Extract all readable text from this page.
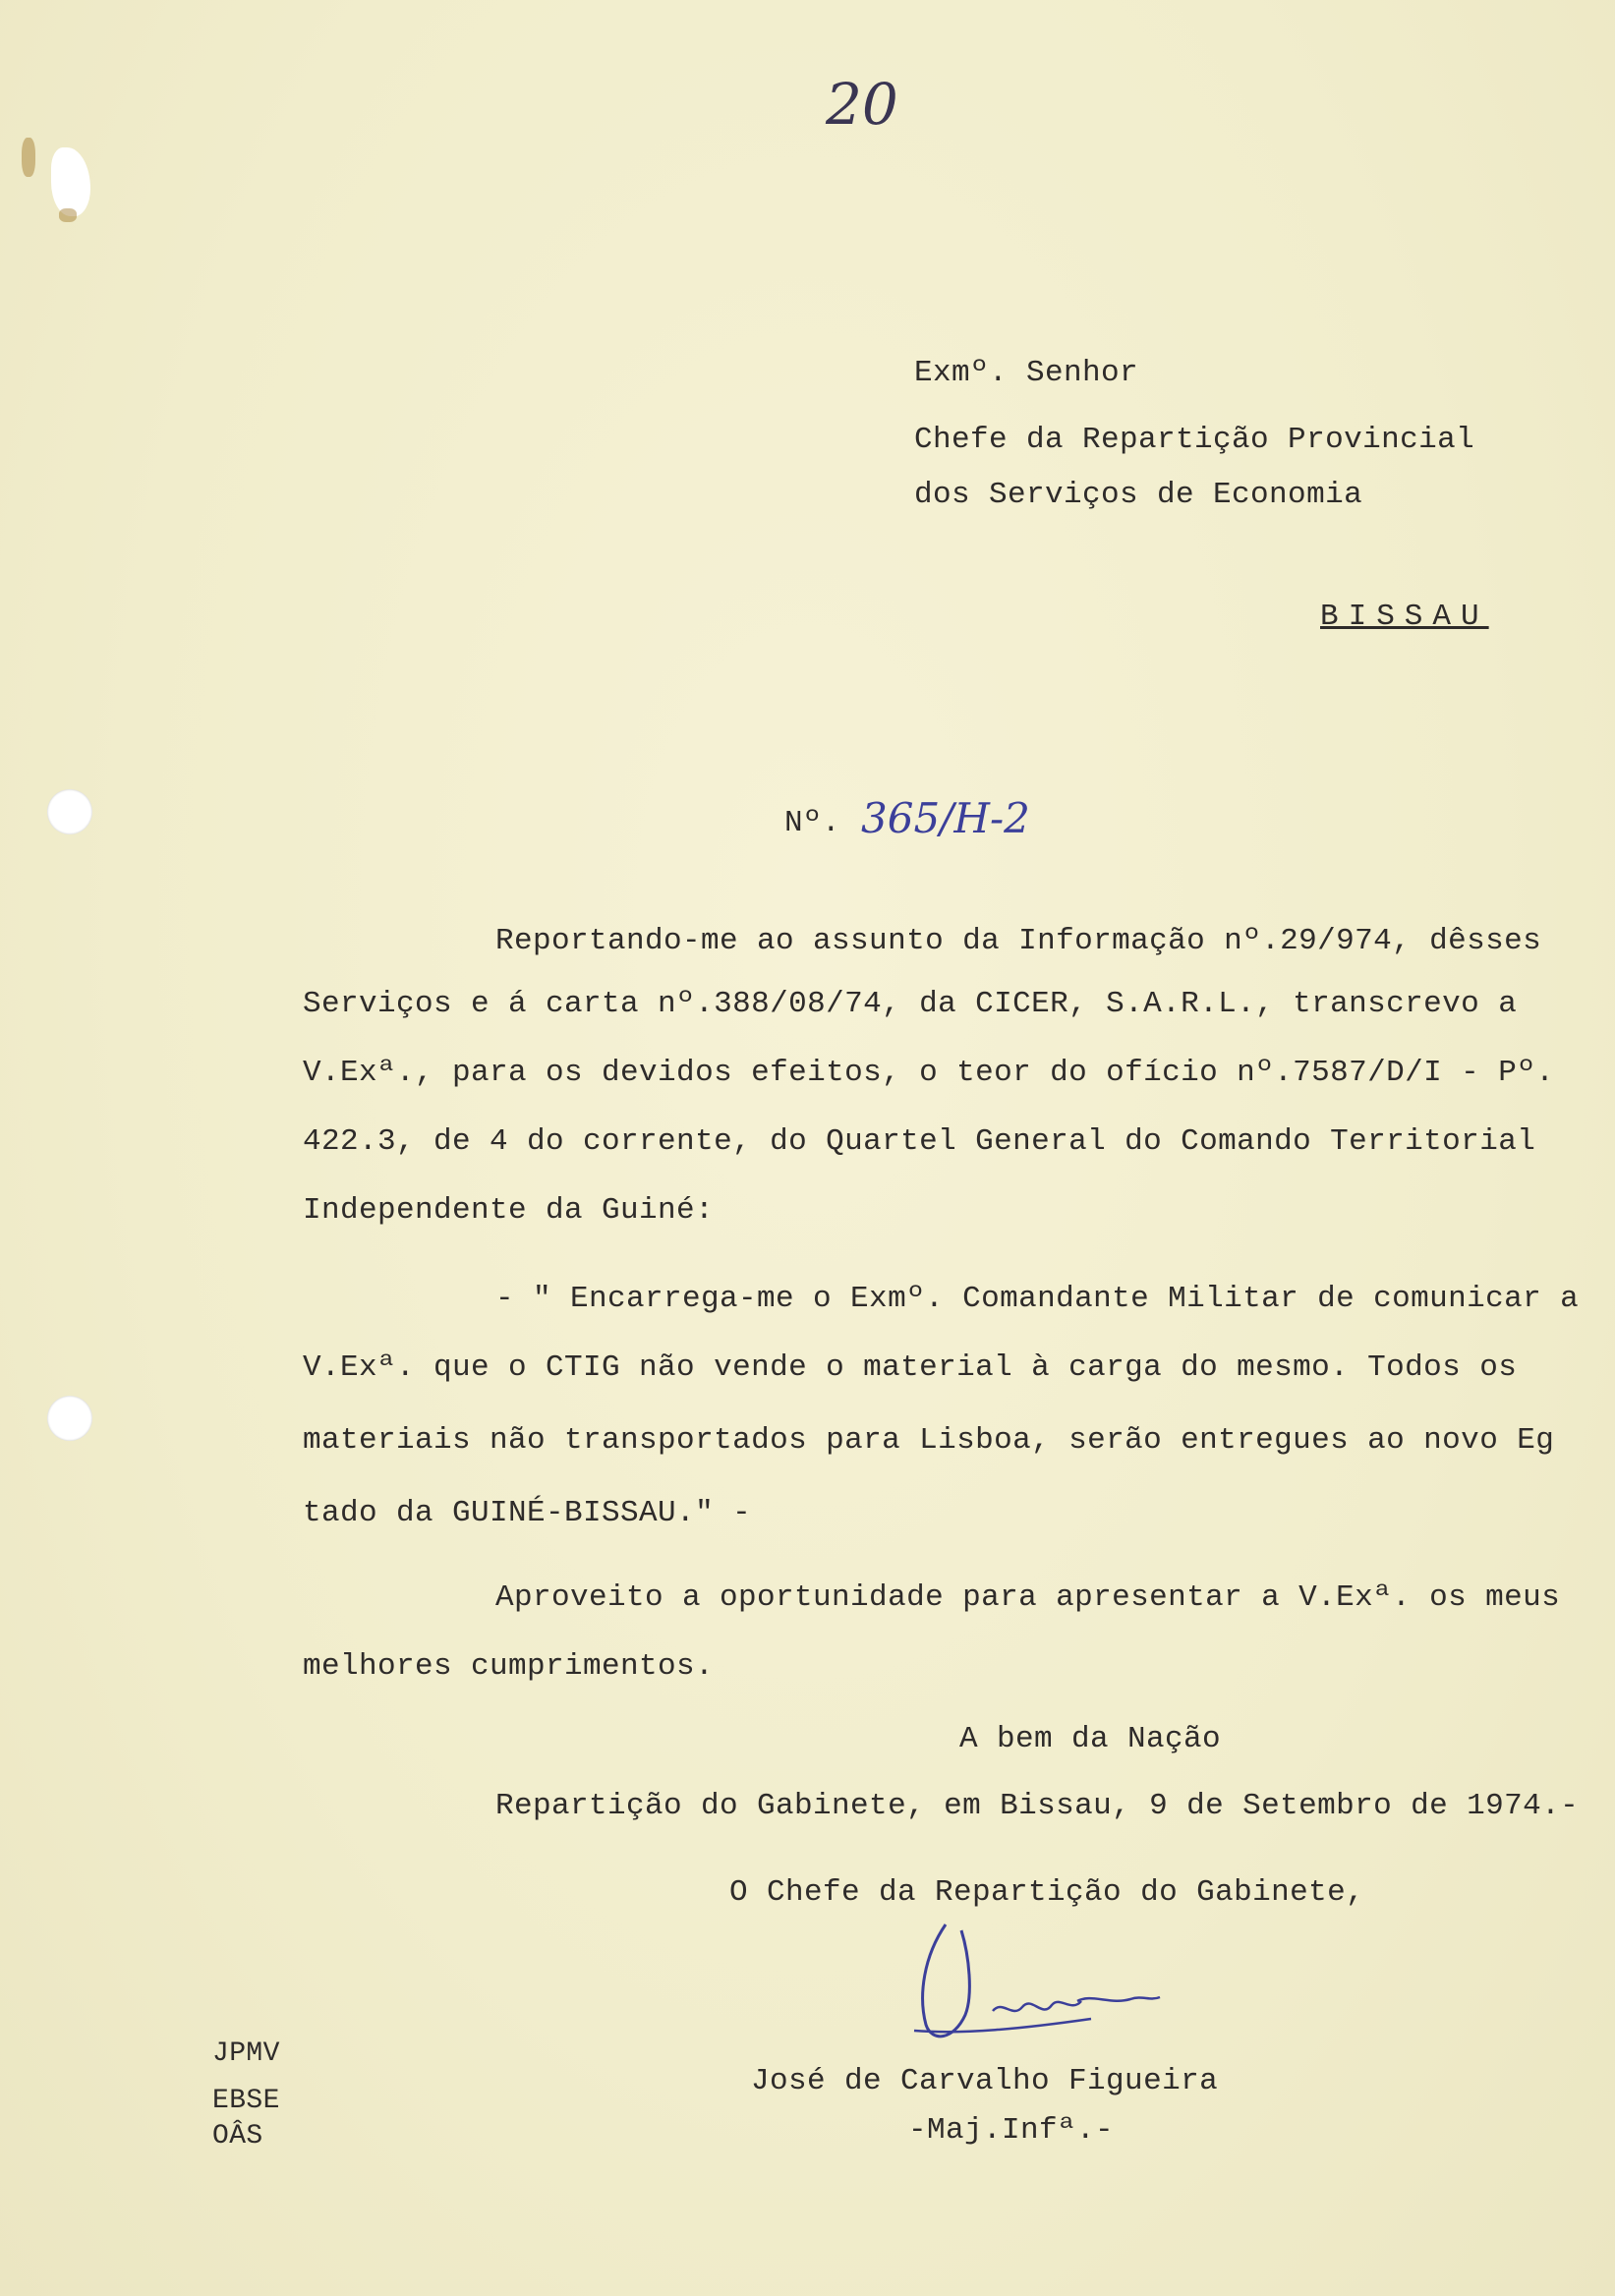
20
Exmº. Senhor
Chefe da Repartição Provincial
dos Serviços de Economia
BISSAU
Nº. 365/H-2
Reportando-me ao assunto da Informação nº.29/974, dêsses
Serviços e á carta nº.388/08/74, da CICER, S.A.R.L., transcrevo a
V.Exª., para os devidos efeitos, o teor do ofício nº.7587/D/I - Pº.
422.3, de 4 do corrente, do Quartel General do Comando Territorial
Independente da Guiné:
- " Encarrega-me o Exmº. Comandante Militar de comunicar a
V.Exª. que o CTIG não vende o material à carga do mesmo. Todos os
materiais não transportados para Lisboa, serão entregues ao novo Eg
tado da GUINÉ-BISSAU." -
Aproveito a oportunidade para apresentar a V.Exª. os meus
melhores cumprimentos.
A bem da Nação
Repartição do Gabinete, em Bissau, 9 de Setembro de 1974.-
O Chefe da Repartição do Gabinete,
José de Carvalho Figueira
-Maj.Infª.-
JPMV
EBSE
OÂS
